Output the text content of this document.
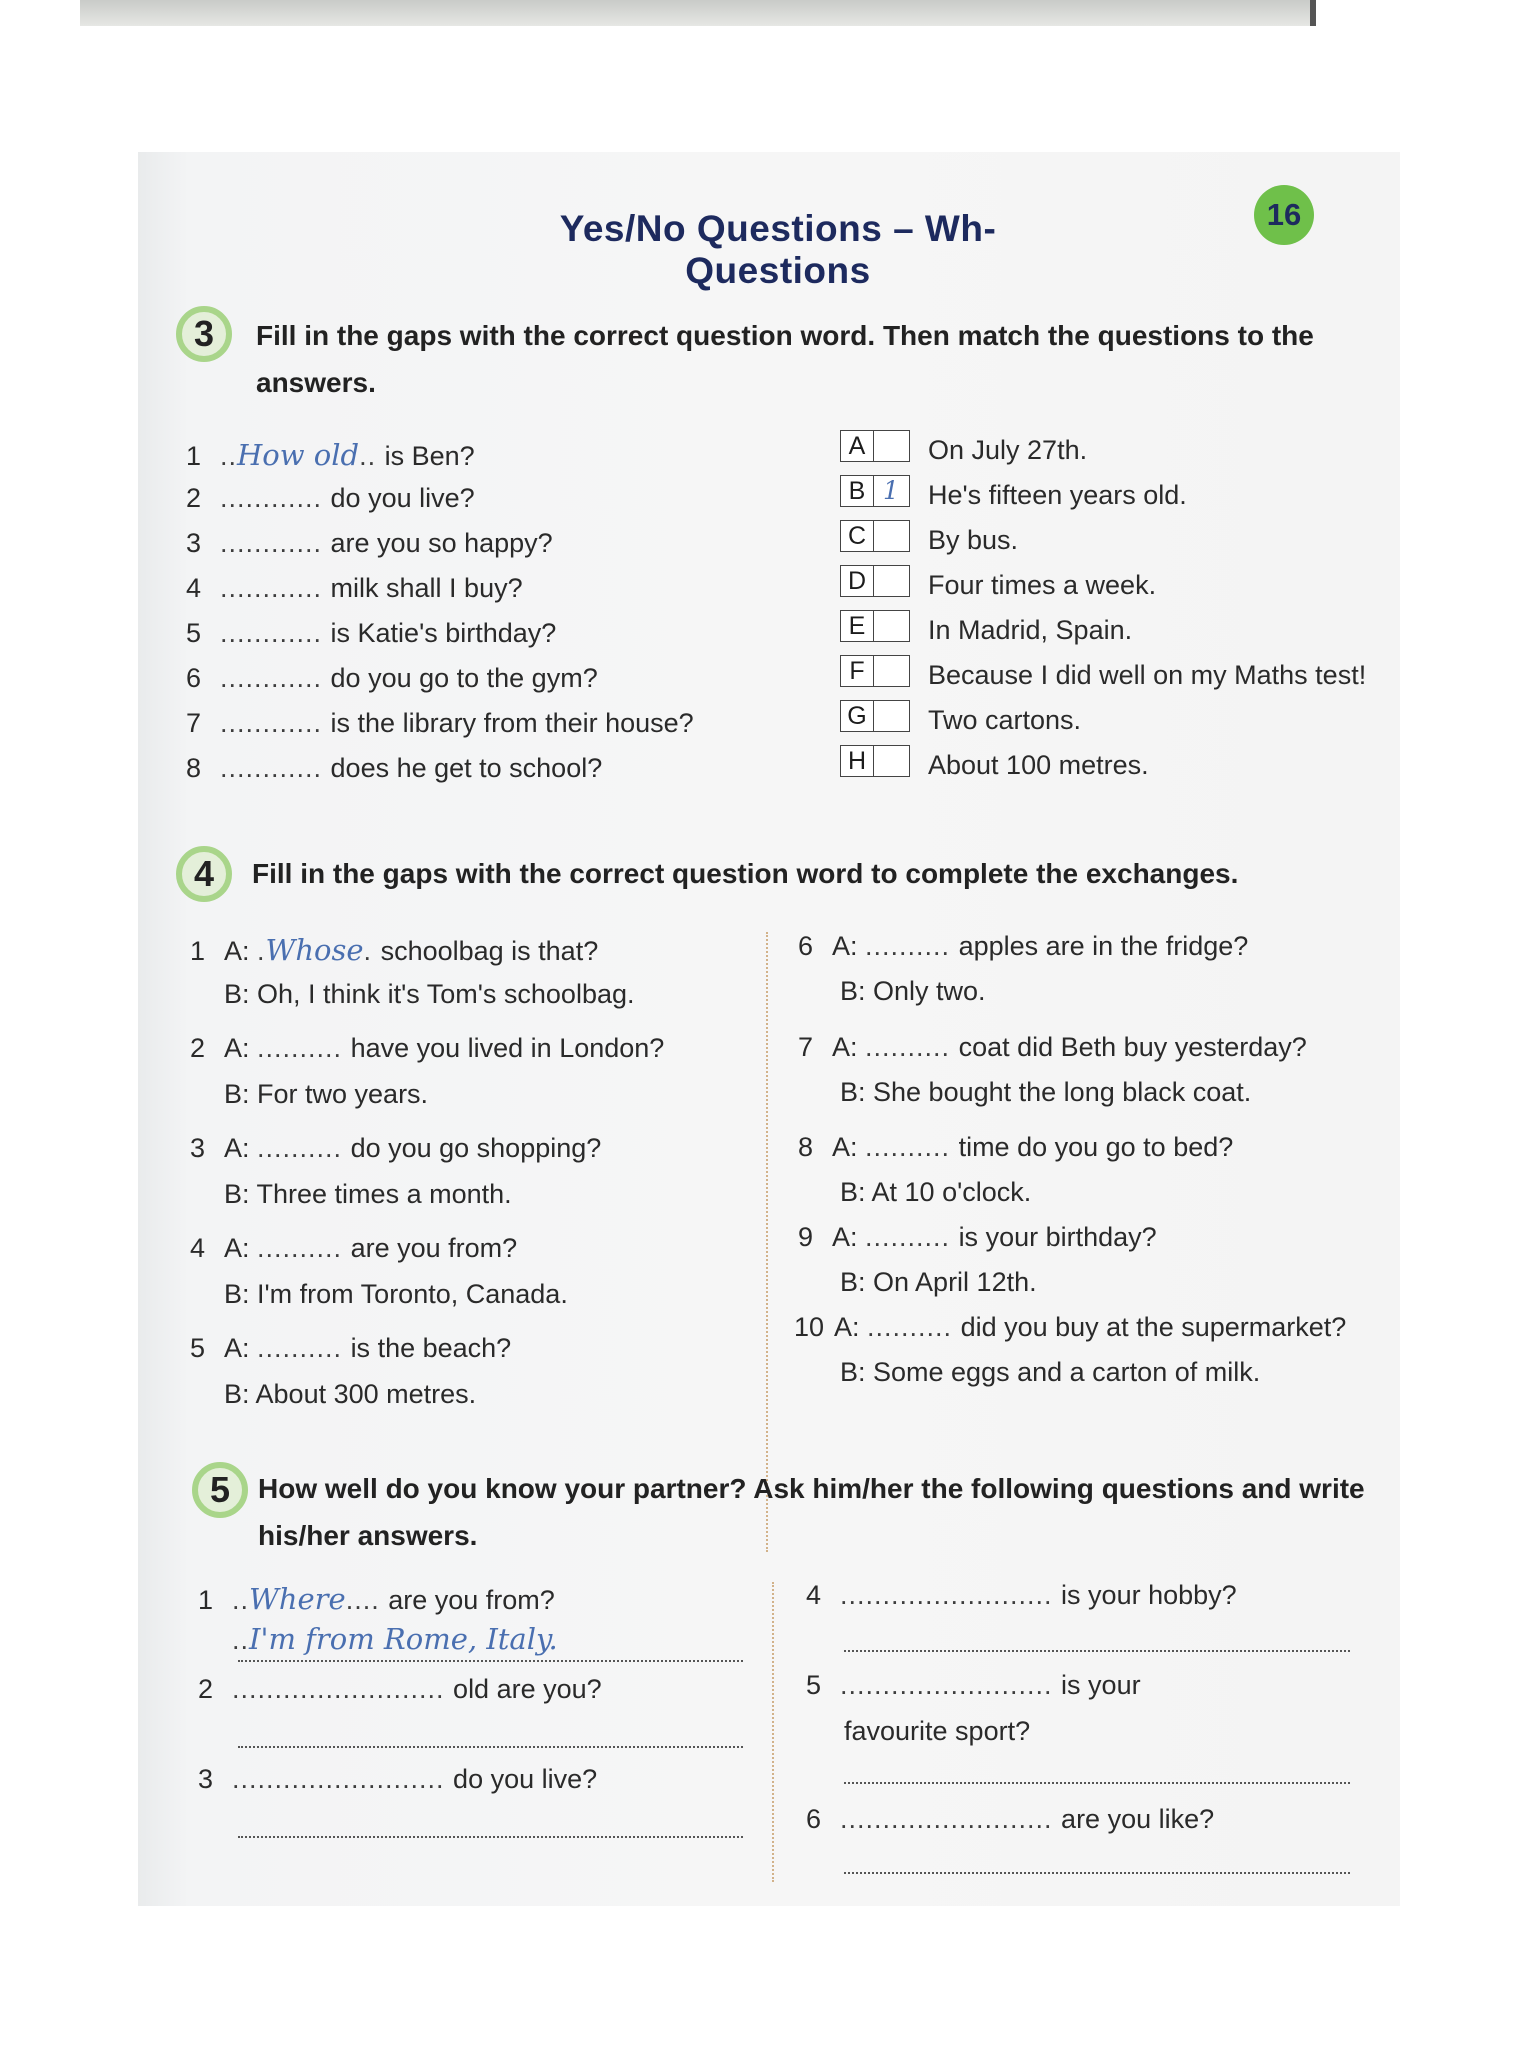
Yes/No Questions – Wh- Questions
16
3	Fill in the gaps with the correct question word. Then match the questions to the answers.
1 ..How old.. is Ben?
2 ............ do you live?
3 ............ are you so happy?
4 ............ milk shall I buy?
5 ............ is Katie's birthday?
6 ............ do you go to the gym?
7 ............ is the library from their house?
8 ............ does he get to school?
A	On July 27th.
B 1	He's fifteen years old.
C By bus.
D Four times a week.
E	In Madrid, Spain.
F	Because I did well on my Maths test!
G Two cartons.
H About 100 metres.
4	Fill in the gaps with the correct question word to complete the exchanges.
1 A: .Whose. schoolbag is that?
B: Oh, I think it's Tom's schoolbag.
2 A: .......... have you lived in London?
B: For two years.
3 A: .......... do you go shopping?
B: Three times a month.
4 A: .......... are you from?
B: I'm from Toronto, Canada.
5 A: .......... is the beach?
B: About 300 metres.
6 A: .......... apples are in the fridge?
B: Only two.
7 A: .......... coat did Beth buy yesterday?
B: She bought the long black coat.
8 A: .......... time do you go to bed?
B: At 10 o'clock.
9 A: .......... is your birthday?
B: On April 12th.
10 A: .......... did you buy at the supermarket?
B: Some eggs and a carton of milk.
5 How well do you know your partner? Ask him/her the following questions and write his/her answers.
1 ..Where.... are you from?
..I'm from Rome, Italy.
2 ......................... old are you?
3 ......................... do you live?
4 ......................... is your hobby?
5 ......................... is your
favourite sport?
6 ......................... are you like?
